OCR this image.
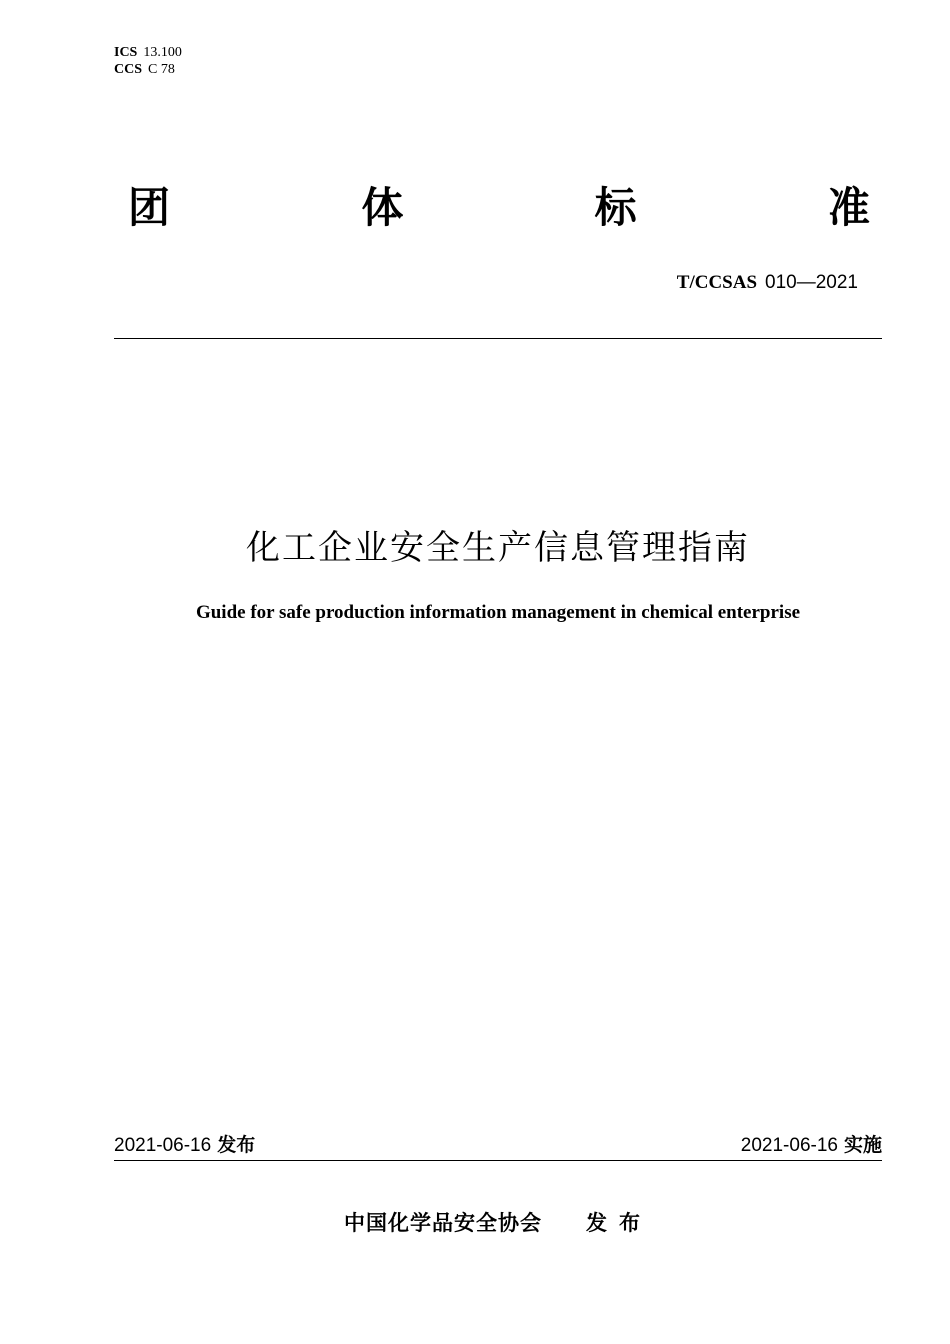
ICS 13.100
CCS C 78
团	体	标	准
T/CCSAS 010—2021
化工企业安全生产信息管理指南
Guide for safe production information management in chemical enterprise
2021-06-16 发布	2021-06-16 实施
中国化学品安全协会 发布
